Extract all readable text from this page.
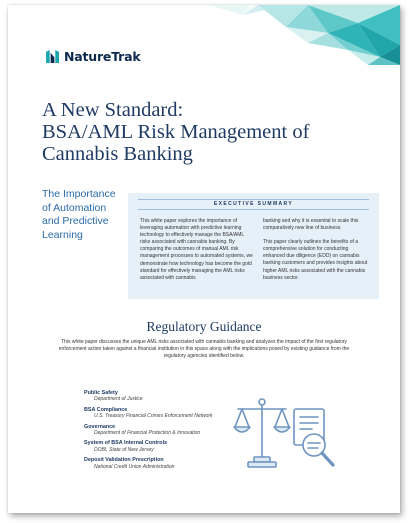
NatureTrak
A New Standard:
BSA/AML Risk Management of
Cannabis Banking
The Importance
of Automation
and Predictive
Learning
EXECUTIVE SUMMARY

This white paper explores the importance of leveraging automation with predictive learning technology to effectively manage the BSA/AML risks associated with cannabis banking. By comparing the outcomes of manual AML risk management processes to automated systems, we demonstrate how technology has become the gold standard for effectively managing the AML risks associated with cannabis

banking and why it is essential to scale this comparatively new line of business.

This paper clearly outlines the benefits of a comprehensive solution for conducting enhanced due diligence (EDD) on cannabis banking customers and provides insights about higher AML risks associated with the cannabis business sector.

Regulatory Guidance
This white paper discusses the unique AML risks associated with cannabis banking and analyzes the impact of the first regulatory enforcement action taken against a financial institution in this space along with the implications posed by existing guidance from the regulatory agencies identified below.
Public Safety
Department of Justice
BSA Compliance
U.S. Treasury Financial Crimes Enforcement Network
Governance
Department of Financial Protection & Innovation
System of BSA Internal Controls
DOBI, State of New Jersey
Deposit Validation Prescription
National Credit Union Administration
